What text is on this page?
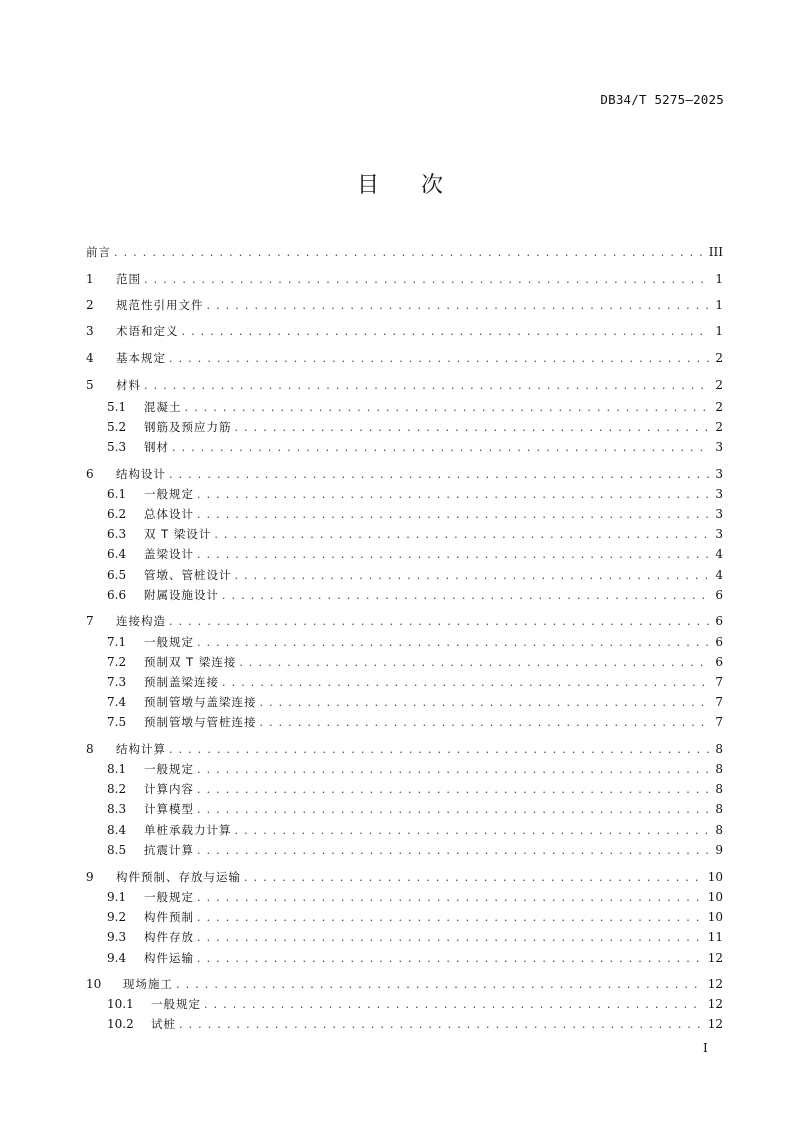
DB34/T 5275—2025
目 次
前言 . . .	III
1	范围 . . .	1
2	规范性引用文件 . . .	1
3	术语和定义 . . .	1
4	基本规定 . . .	2
5	材料 . . .	2
5.1	混凝土 . . .	2
5.2	钢筋及预应力筋 . . .	2
5.3	钢材 . . .	3
6	结构设计 . . .	3
6.1	一般规定 . . .	3
6.2	总体设计 . . .	3
6.3	双 T 梁设计 . . .	3
6.4	盖梁设计 . . .	4
6.5	管墩、管桩设计 . . .	4
6.6	附属设施设计 . . .	6
7	连接构造 . . .	6
7.1	一般规定 . . .	6
7.2	预制双 T 梁连接 . . .	6
7.3	预制盖梁连接 . . .	7
7.4	预制管墩与盖梁连接 . . .	7
7.5	预制管墩与管桩连接 . . .	7
8	结构计算 . . .	8
8.1	一般规定 . . .	8
8.2	计算内容 . . .	8
8.3	计算模型 . . .	8
8.4	单桩承载力计算 . . .	8
8.5	抗震计算 . . .	9
9	构件预制、存放与运输 . . .	10
9.1	一般规定 . . .	10
9.2	构件预制 . . .	10
9.3	构件存放 . . .	11
9.4	构件运输 . . .	12
10	现场施工 . . .	12
10.1	一般规定 . . .	12
10.2	试桩 . . .	12
I
